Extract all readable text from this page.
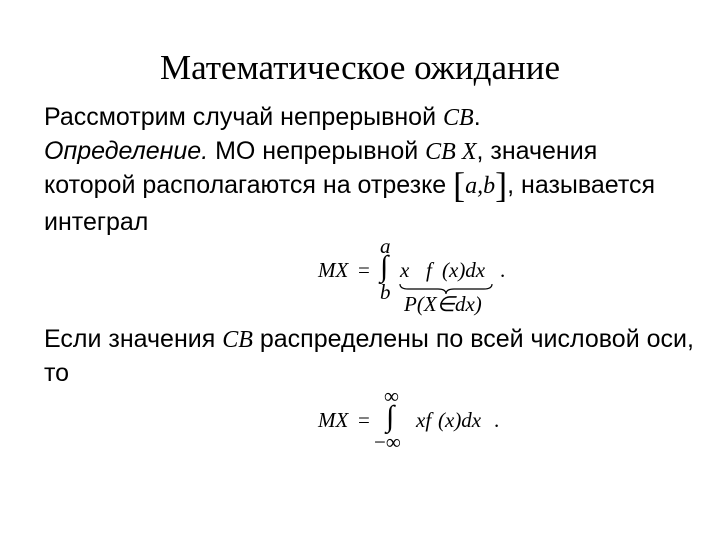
Математическое ожидание
Рассмотрим случай непрерывной CB.
Определение. МО непрерывной CB X, значения
которой располагаются на отрезке [a,b], называется
интеграл
MX =
a
∫
b
x f (x)dx .
P(X∈dx)
Если значения CB распределены по всей числовой оси,
то
MX =
∞
∫
−∞
xf (x)dx .
